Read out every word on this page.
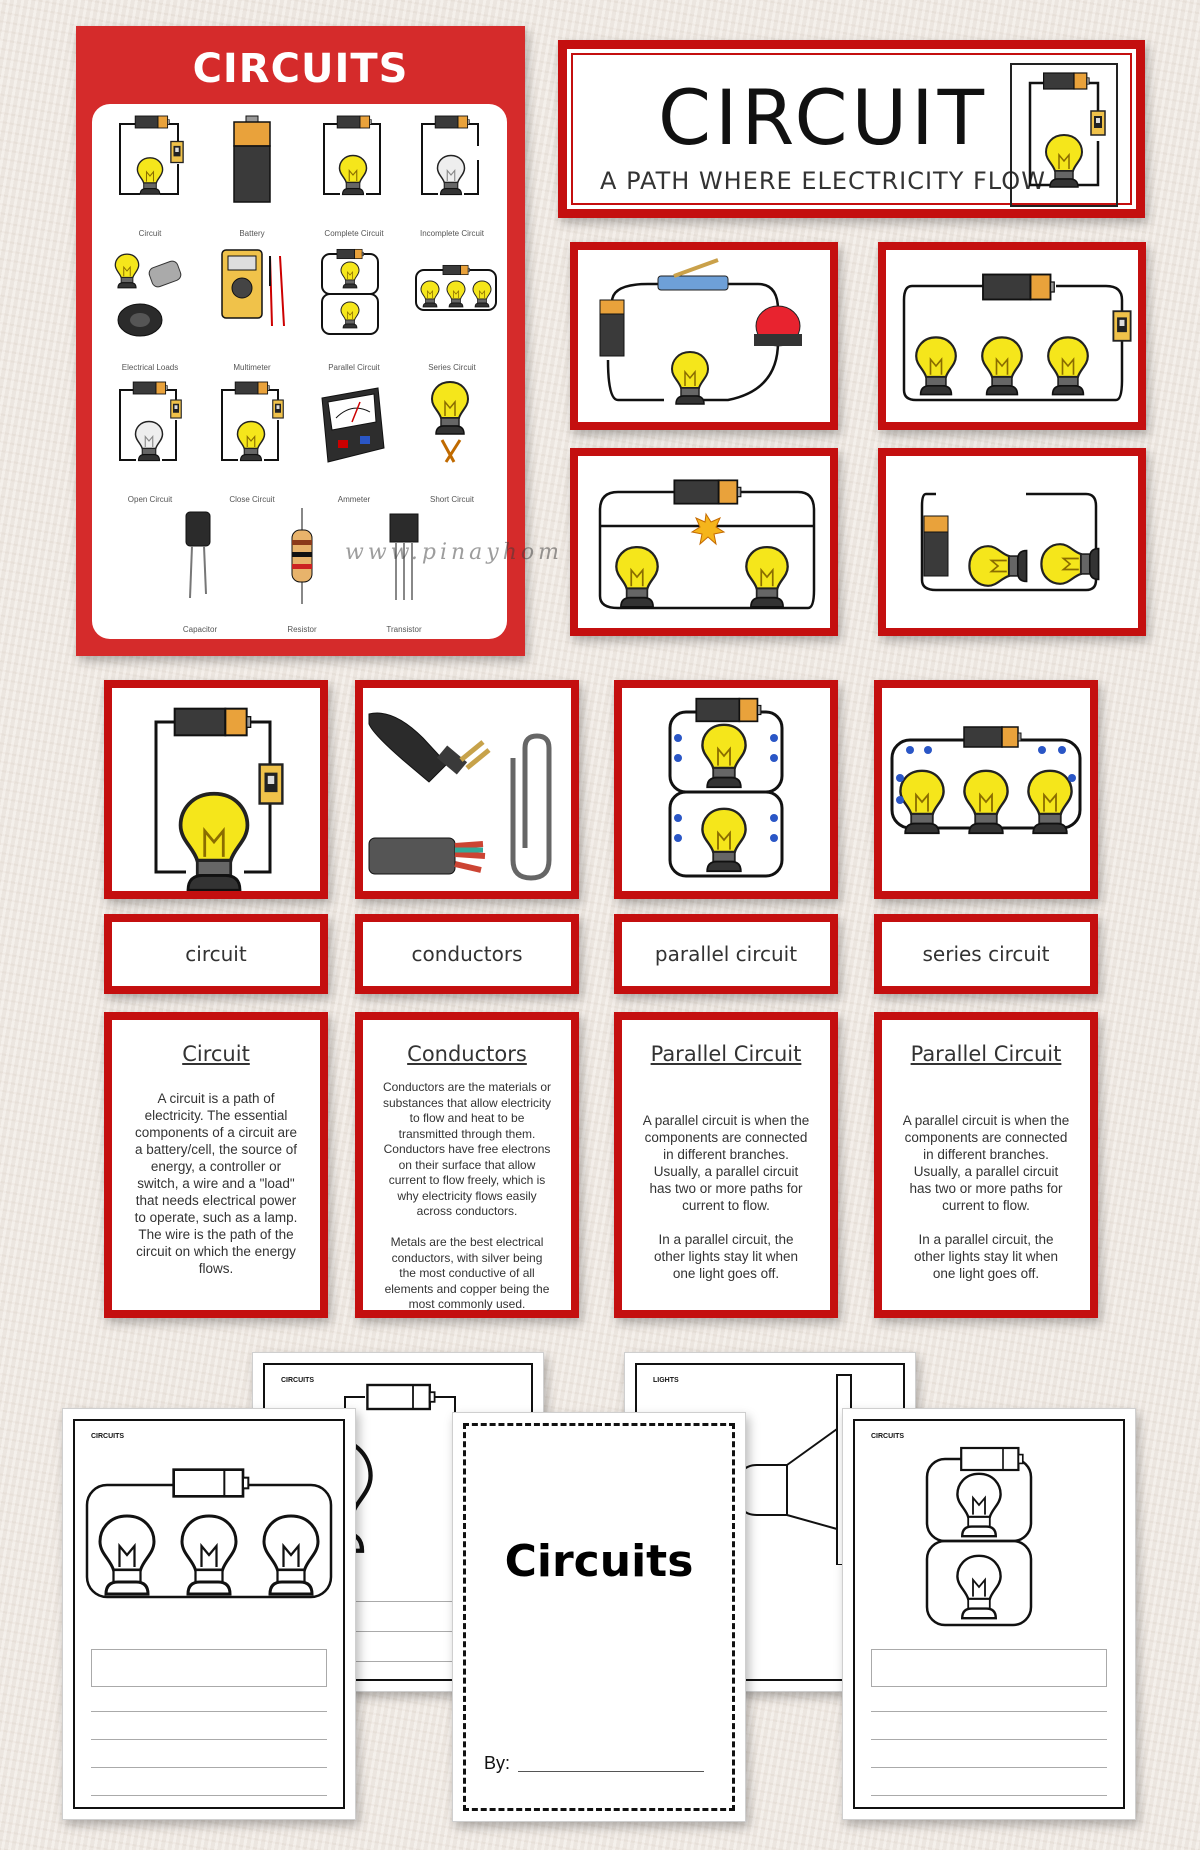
CIRCUITS
Circuit	Battery	Complete Circuit	Incomplete Circuit
Electrical Loads	Multimeter	Parallel Circuit	Series Circuit
Open Circuit	Close Circuit	Ammeter	Short Circuit
Capacitor	Resistor	Transistor
www.pinayhom
CIRCUIT
A PATH WHERE ELECTRICITY FLOW
circuit	conductors	parallel circuit	series circuit
Circuit
A circuit is a path of
electricity. The essential
components of a circuit are
a battery/cell, the source of
energy, a controller or
switch, a wire and a "load"
that needs electrical power
to operate, such as a lamp.
The wire is the path of the
circuit on which the energy
flows.
Conductors
Conductors are the materials or
substances that allow electricity
to flow and heat to be
transmitted through them.
Conductors have free electrons
on their surface that allow
current to flow freely, which is
why electricity flows easily
across conductors.

Metals are the best electrical
conductors, with silver being
the most conductive of all
elements and copper being the
most commonly used.
Parallel Circuit
A parallel circuit is when the
components are connected
in different branches.
Usually, a parallel circuit
has two or more paths for
current to flow.

In a parallel circuit, the
other lights stay lit when
one light goes off.
Parallel Circuit
A parallel circuit is when the
components are connected
in different branches.
Usually, a parallel circuit
has two or more paths for
current to flow.

In a parallel circuit, the
other lights stay lit when
one light goes off.
CIRCUITS	LIGHTS
CIRCUITS
Circuits
By:
CIRCUITS
